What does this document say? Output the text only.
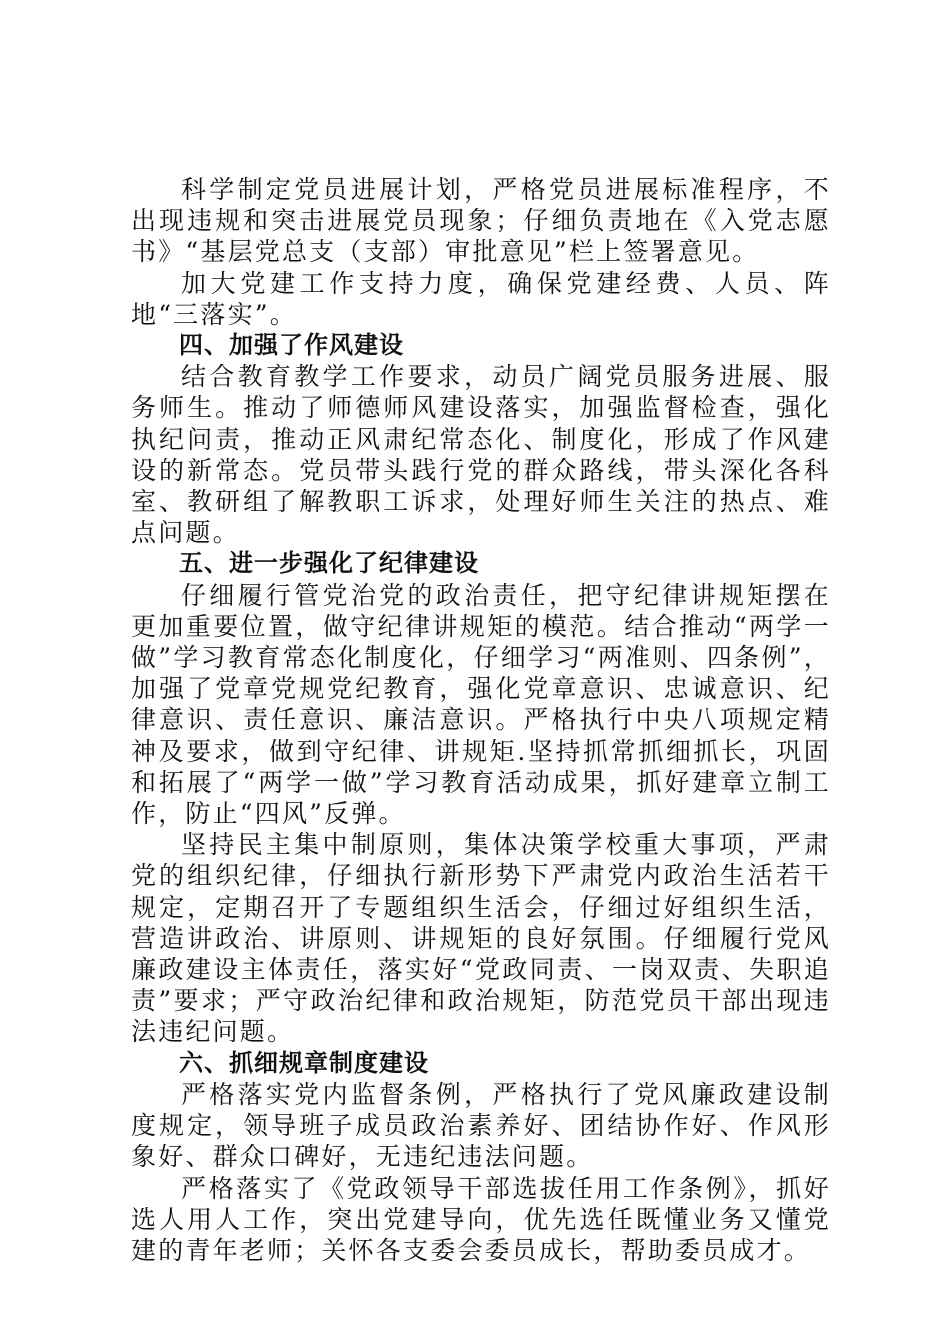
科学制定党员进展计划，严格党员进展标准程序，不出现违规和突击进展党员现象；仔细负责地在《入党志愿书》“基层党总支（支部）审批意见”栏上签署意见。

加大党建工作支持力度，确保党建经费、人员、阵地“三落实”。

四、加强了作风建设

结合教育教学工作要求，动员广阔党员服务进展、服务师生。推动了师德师风建设落实，加强监督检查，强化执纪问责，推动正风肃纪常态化、制度化，形成了作风建设的新常态。党员带头践行党的群众路线，带头深化各科室、教研组了解教职工诉求，处理好师生关注的热点、难点问题。

五、进一步强化了纪律建设

仔细履行管党治党的政治责任，把守纪律讲规矩摆在更加重要位置，做守纪律讲规矩的模范。结合推动“两学一做”学习教育常态化制度化，仔细学习“两准则、四条例”，加强了党章党规党纪教育，强化党章意识、忠诚意识、纪律意识、责任意识、廉洁意识。严格执行中央八项规定精神及要求，做到守纪律、讲规矩.坚持抓常抓细抓长，巩固和拓展了“两学一做”学习教育活动成果，抓好建章立制工作，防止“四风”反弹。

坚持民主集中制原则，集体决策学校重大事项，严肃党的组织纪律，仔细执行新形势下严肃党内政治生活若干规定，定期召开了专题组织生活会，仔细过好组织生活，营造讲政治、讲原则、讲规矩的良好氛围。仔细履行党风廉政建设主体责任，落实好“党政同责、一岗双责、失职追责”要求；严守政治纪律和政治规矩，防范党员干部出现违法违纪问题。

六、抓细规章制度建设

严格落实党内监督条例，严格执行了党风廉政建设制度规定，领导班子成员政治素养好、团结协作好、作风形象好、群众口碑好，无违纪违法问题。

严格落实了《党政领导干部选拔任用工作条例》，抓好选人用人工作，突出党建导向，优先选任既懂业务又懂党建的青年老师；关怀各支委会委员成长，帮助委员成才。
